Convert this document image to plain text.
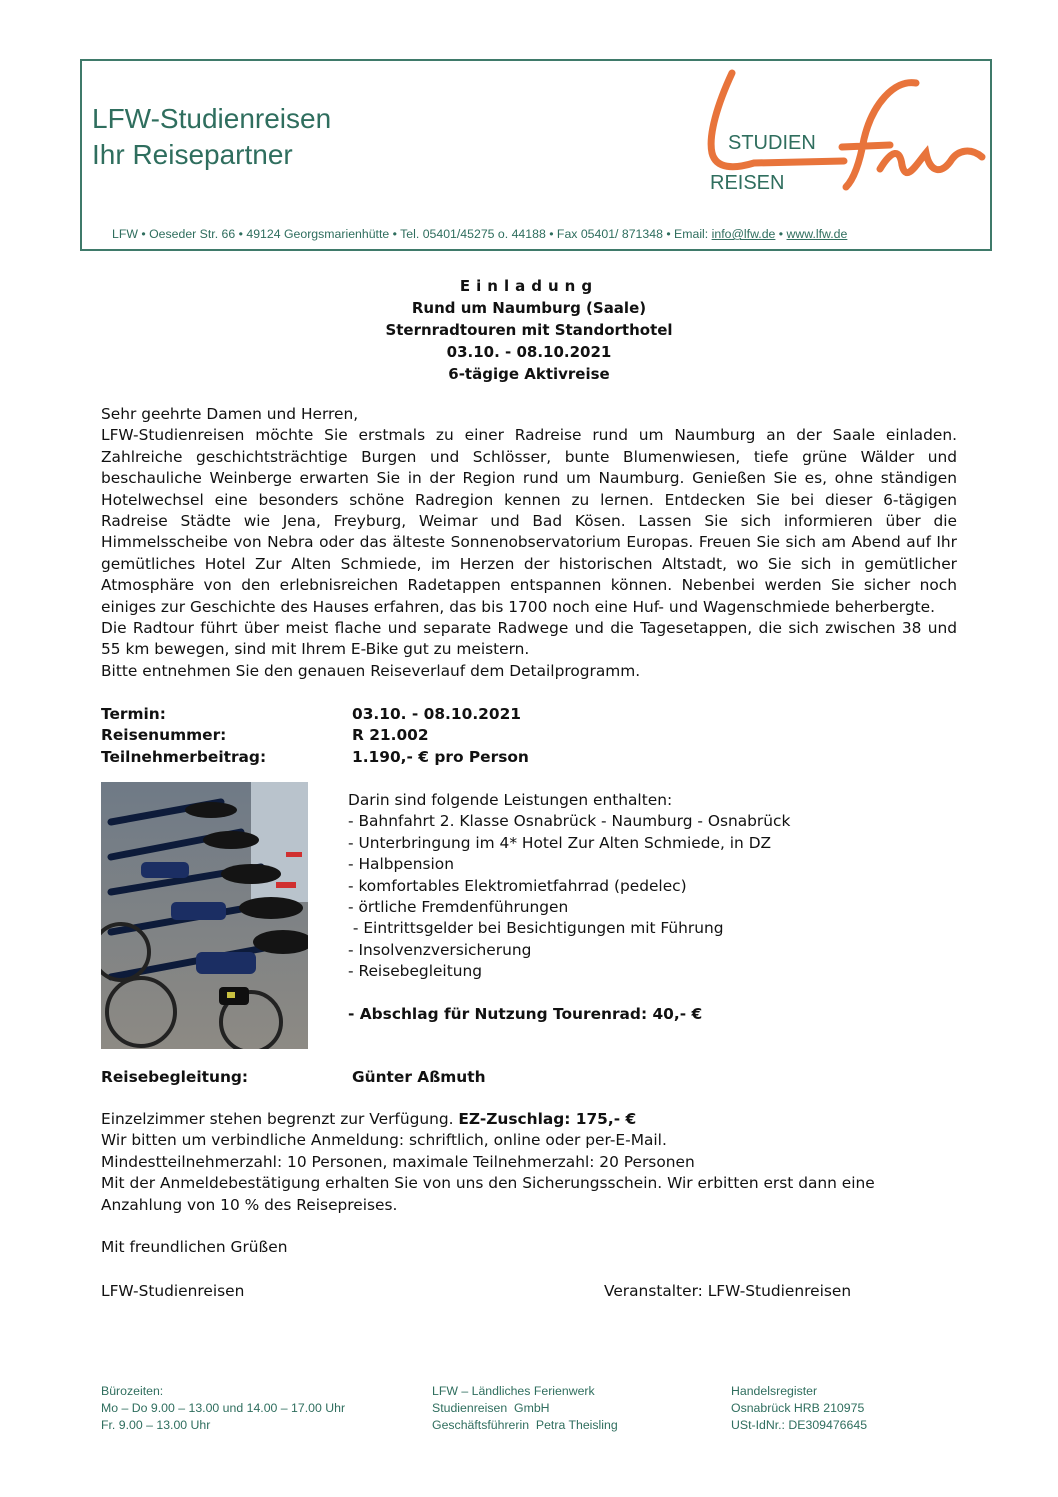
LFW-Studienreisen
Ihr Reisepartner	STUDIEN
REISEN
LFW • Oeseder Str. 66 • 49124 Georgsmarienhütte • Tel. 05401/45275 o. 44188 • Fax 05401/ 871348 • Email: info@lfw.de • www.lfw.de
Einladung
Rund um Naumburg (Saale)
Sternradtouren mit Standorthotel
03.10. - 08.10.2021
6-tägige Aktivreise

Sehr geehrte Damen und Herren,

LFW-Studienreisen möchte Sie erstmals zu einer Radreise rund um Naumburg an der Saale einladen. Zahlreiche geschichtsträchtige Burgen und Schlösser, bunte Blumenwiesen, tiefe grüne Wälder und beschauliche Weinberge erwarten Sie in der Region rund um Naumburg. Genießen Sie es, ohne ständigen Hotelwechsel eine besonders schöne Radregion kennen zu lernen. Entdecken Sie bei dieser 6-tägigen Radreise Städte wie Jena, Freyburg, Weimar und Bad Kösen. Lassen Sie sich informieren über die Himmelsscheibe von Nebra oder das älteste Sonnenobservatorium Europas. Freuen Sie sich am Abend auf Ihr gemütliches Hotel Zur Alten Schmiede, im Herzen der historischen Altstadt, wo Sie sich in gemütlicher Atmosphäre von den erlebnisreichen Radetappen entspannen können. Nebenbei werden Sie sicher noch einiges zur Geschichte des Hauses erfahren, das bis 1700 noch eine Huf- und Wagenschmiede beherbergte.

Die Radtour führt über meist flache und separate Radwege und die Tagesetappen, die sich zwischen 38 und 55 km bewegen, sind mit Ihrem E-Bike gut zu meistern.

Bitte entnehmen Sie den genauen Reiseverlauf dem Detailprogramm.

Termin:	03.10. - 08.10.2021
Reisenummer:	R 21.002
Teilnehmerbeitrag:	1.190,- € pro Person
Darin sind folgende Leistungen enthalten:
- Bahnfahrt 2. Klasse Osnabrück - Naumburg - Osnabrück
- Unterbringung im 4* Hotel Zur Alten Schmiede, in DZ
- Halbpension
- komfortables Elektromietfahrrad (pedelec)
- örtliche Fremdenführungen
- Eintrittsgelder bei Besichtigungen mit Führung
- Insolvenzversicherung
- Reisebegleitung
- Abschlag für Nutzung Tourenrad: 40,- €
Reisebegleitung:	Günter Aßmuth

Einzelzimmer stehen begrenzt zur Verfügung. EZ-Zuschlag: 175,- €

Wir bitten um verbindliche Anmeldung: schriftlich, online oder per-E-Mail.

Mindestteilnehmerzahl: 10 Personen, maximale Teilnehmerzahl: 20 Personen

Mit der Anmeldebestätigung erhalten Sie von uns den Sicherungsschein. Wir erbitten erst dann eine Anzahlung von 10 % des Reisepreises.

Mit freundlichen Grüßen

LFW-Studienreisen	Veranstalter: LFW-Studienreisen
Bürozeiten:
Mo – Do 9.00 – 13.00 und 14.00 – 17.00 Uhr
Fr. 9.00 – 13.00 Uhr
LFW – Ländliches Ferienwerk
Studienreisen  GmbH
Geschäftsführerin  Petra Theisling
Handelsregister
Osnabrück HRB 210975
USt-IdNr.: DE309476645
